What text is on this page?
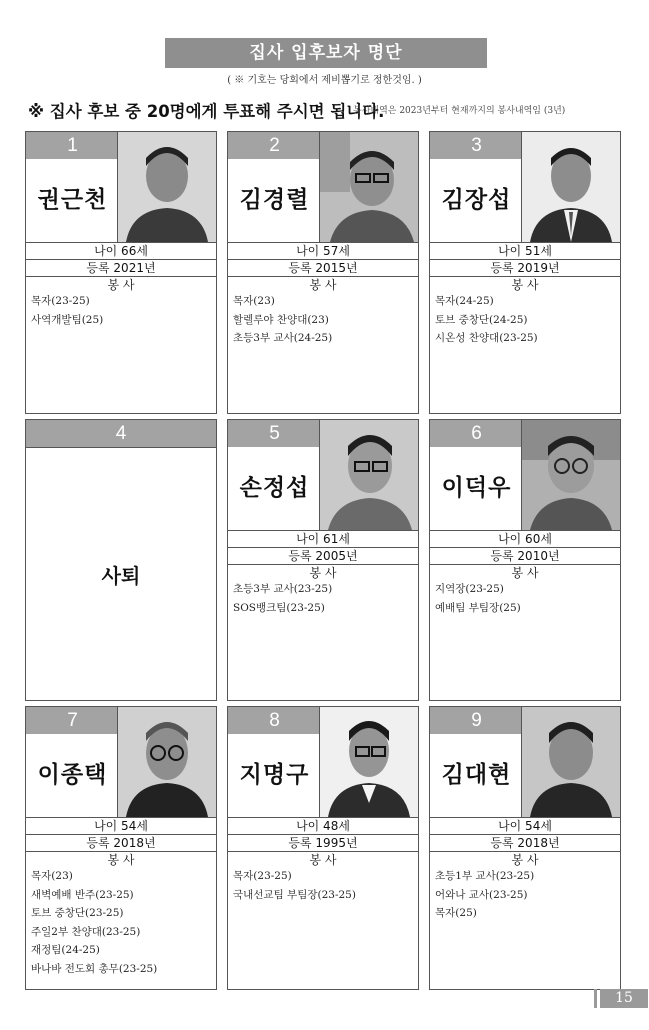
집사 입후보자 명단
( ※ 기호는 당회에서 제비뽑기로 정한것임. )
※ 집사 후보 중 20명에게 투표해 주시면 됩니다.
봉사내역은 2023년부터 현재까지의 봉사내역임 (3년)
1
권근천
나이 66세
등록 2021년
봉 사
목자(23-25)
사역개발팀(25)
2
김경렬
나이 57세
등록 2015년
봉 사
목자(23)
할렐루야 찬양대(23)
초등3부 교사(24-25)
3
김장섭
나이 51세
등록 2019년
봉 사
목자(24-25)
토브 중창단(24-25)
시온성 찬양대(23-25)
4
사퇴
5
손정섭
나이 61세
등록 2005년
봉 사
초등3부 교사(23-25)
SOS뱅크팀(23-25)
6
이덕우
나이 60세
등록 2010년
봉 사
지역장(23-25)
예배팀 부팀장(25)
7
이종택
나이 54세
등록 2018년
봉 사
목자(23)
새벽예배 반주(23-25)
토브 중창단(23-25)
주일2부 찬양대(23-25)
재정팀(24-25)
바나바 전도회 총무(23-25)
8
지명구
나이 48세
등록 1995년
봉 사
목자(23-25)
국내선교팀 부팀장(23-25)
9
김대현
나이 54세
등록 2018년
봉 사
초등1부 교사(23-25)
어와나 교사(23-25)
목자(25)
15
